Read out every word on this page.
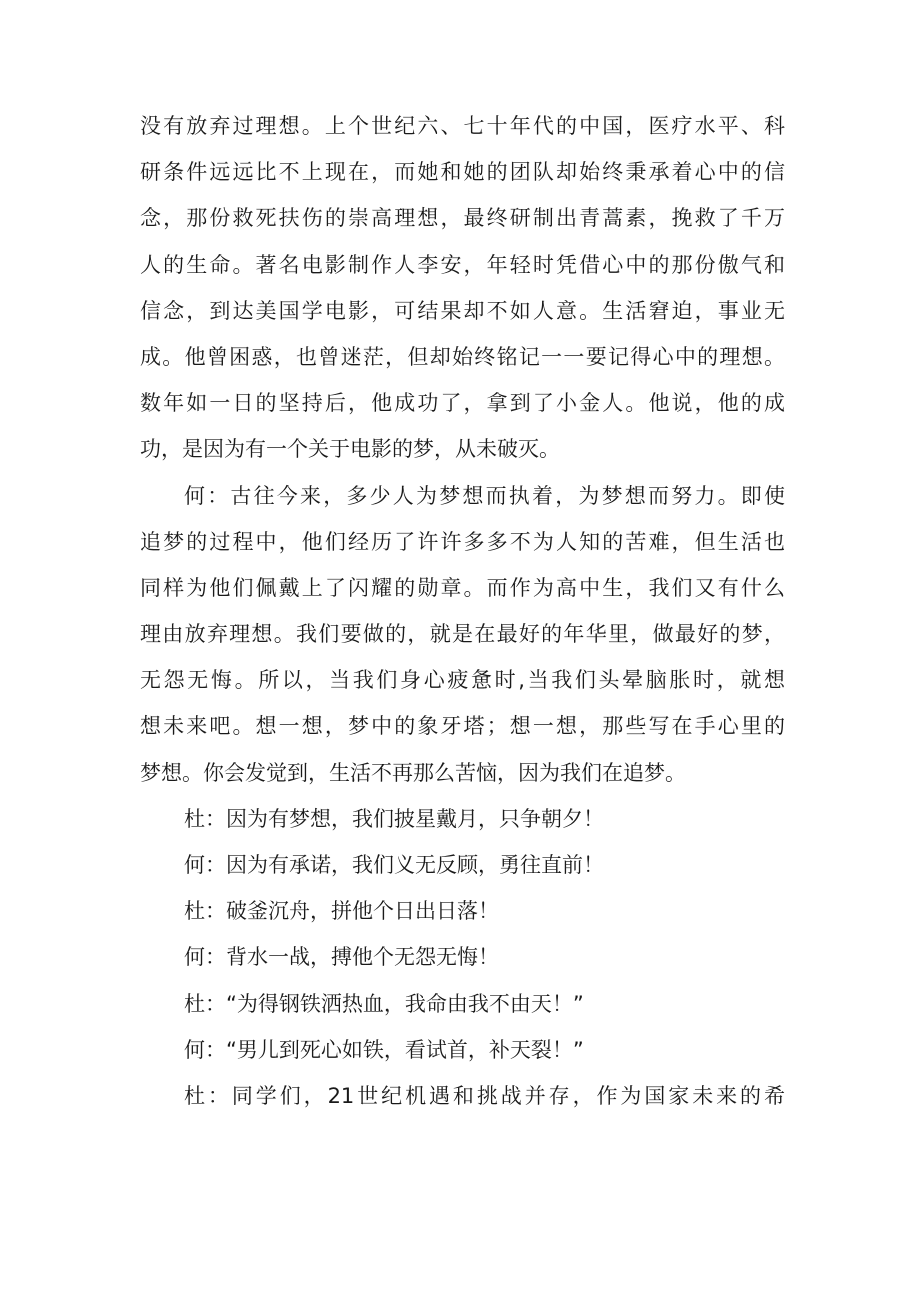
没有放弃过理想。上个世纪六、七十年代的中国，医疗水平、科
研条件远远比不上现在，而她和她的团队却始终秉承着心中的信
念，那份救死扶伤的崇高理想，最终研制出青蒿素，挽救了千万
人的生命。著名电影制作人李安，年轻时凭借心中的那份傲气和
信念，到达美国学电影，可结果却不如人意。生活窘迫，事业无
成。他曾困惑，也曾迷茫，但却始终铭记一一要记得心中的理想。
数年如一日的坚持后，他成功了，拿到了小金人。他说，他的成
功，是因为有一个关于电影的梦，从未破灭。
何：古往今来，多少人为梦想而执着，为梦想而努力。即使
追梦的过程中，他们经历了许许多多不为人知的苦难，但生活也
同样为他们佩戴上了闪耀的勋章。而作为高中生，我们又有什么
理由放弃理想。我们要做的，就是在最好的年华里，做最好的梦，
无怨无悔。所以，当我们身心疲惫时,当我们头晕脑胀时，就想
想未来吧。想一想，梦中的象牙塔；想一想，那些写在手心里的
梦想。你会发觉到，生活不再那么苦恼，因为我们在追梦。
杜：因为有梦想，我们披星戴月，只争朝夕！
何：因为有承诺，我们义无反顾，勇往直前！
杜：破釜沉舟，拼他个日出日落！
何：背水一战，搏他个无怨无悔！
杜：“为得钢铁洒热血，我命由我不由天！”
何：“男儿到死心如铁，看试首，补天裂！”
杜：同学们，21世纪机遇和挑战并存，作为国家未来的希
